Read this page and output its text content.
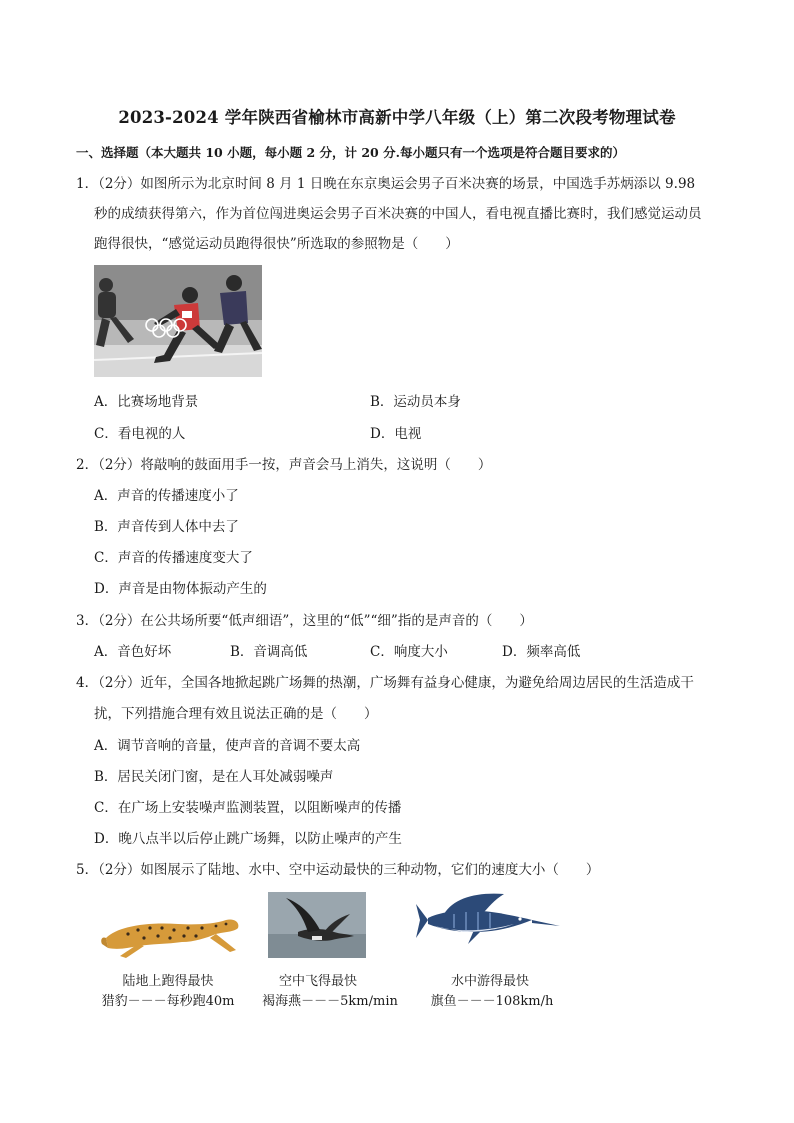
2023-2024 学年陕西省榆林市高新中学八年级（上）第二次段考物理试卷
一、选择题（本大题共 10 小题，每小题 2 分，计 20 分.每小题只有一个选项是符合题目要求的）
1．（2分）如图所示为北京时间 8 月 1 日晚在东京奥运会男子百米决赛的场景，中国选手苏炳添以 9.98
秒的成绩获得第六，作为首位闯进奥运会男子百米决赛的中国人，看电视直播比赛时，我们感觉运动员
跑得很快，“感觉运动员跑得很快”所选取的参照物是（　　）
A．比赛场地背景	B．运动员本身
C．看电视的人	D．电视
2．（2分）将敲响的鼓面用手一按，声音会马上消失，这说明（　　）
A．声音的传播速度小了
B．声音传到人体中去了
C．声音的传播速度变大了
D．声音是由物体振动产生的
3．（2分）在公共场所要“低声细语”，这里的“低”“细”指的是声音的（　　）
A．音色好坏	B．音调高低	C．响度大小	D．频率高低
4．（2分）近年，全国各地掀起跳广场舞的热潮，广场舞有益身心健康，为避免给周边居民的生活造成干
扰，下列措施合理有效且说法正确的是（　　）
A．调节音响的音量，使声音的音调不要太高
B．居民关闭门窗，是在人耳处减弱噪声
C．在广场上安装噪声监测装置，以阻断噪声的传播
D．晚八点半以后停止跳广场舞，以防止噪声的产生
5．（2分）如图展示了陆地、水中、空中运动最快的三种动物，它们的速度大小（　　）
陆地上跑得最快
猎豹－－－每秒跑40m
空中飞得最快
褐海燕－－－5km/min
水中游得最快
旗鱼－－－108km/h
